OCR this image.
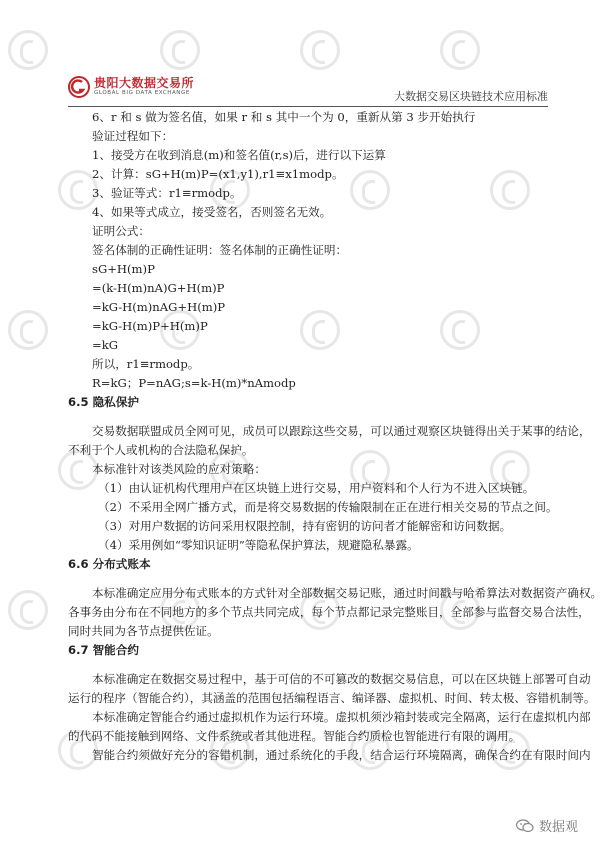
贵阳大数据交易所
GLOBAL BIG DATA EXCHANGE	大数据交易区块链技术应用标准
6、r 和 s 做为签名值，如果 r 和 s 其中一个为 0，重新从第 3 步开始执行
验证过程如下：
1、接受方在收到消息(m)和签名值(r,s)后，进行以下运算
2、计算：sG+H(m)P=(x1,y1),r1≡x1modp。
3、验证等式：r1≡rmodp。
4、如果等式成立，接受签名，否则签名无效。
证明公式：
签名体制的正确性证明：签名体制的正确性证明：
sG+H(m)P
=(k-H(m)nA)G+H(m)P
=kG-H(m)nAG+H(m)P
=kG-H(m)P+H(m)P
=kG
所以，r1≡rmodp。
R=kG；P=nAG;s=k-H(m)*nAmodp
6.5 隐私保护
交易数据联盟成员全网可见，成员可以跟踪这些交易，可以通过观察区块链得出关于某事的结论，
不利于个人或机构的合法隐私保护。
本标准针对该类风险的应对策略：
（1）由认证机构代理用户在区块链上进行交易，用户资料和个人行为不进入区块链。
（2）不采用全网广播方式，而是将交易数据的传输限制在正在进行相关交易的节点之间。
（3）对用户数据的访问采用权限控制，持有密钥的访问者才能解密和访问数据。
（4）采用例如“零知识证明”等隐私保护算法，规避隐私暴露。
6.6 分布式账本
本标准确定应用分布式账本的方式针对全部数据交易记账，通过时间戳与哈希算法对数据资产确权。
各事务由分布在不同地方的多个节点共同完成，每个节点都记录完整账目，全部参与监督交易合法性，
同时共同为各节点提供佐证。
6.7 智能合约
本标准确定在数据交易过程中，基于可信的不可篡改的数据交易信息，可以在区块链上部署可自动
运行的程序（智能合约），其涵盖的范围包括编程语言、编译器、虚拟机、时间、转太极、容错机制等。
本标准确定智能合约通过虚拟机作为运行环境。虚拟机须沙箱封装或完全隔离，运行在虚拟机内部
的代码不能接触到网络、文件系统或者其他进程。智能合约质检也智能进行有限的调用。
智能合约须做好充分的容错机制，通过系统化的手段，结合运行环境隔离，确保合约在有限时间内
数据观
